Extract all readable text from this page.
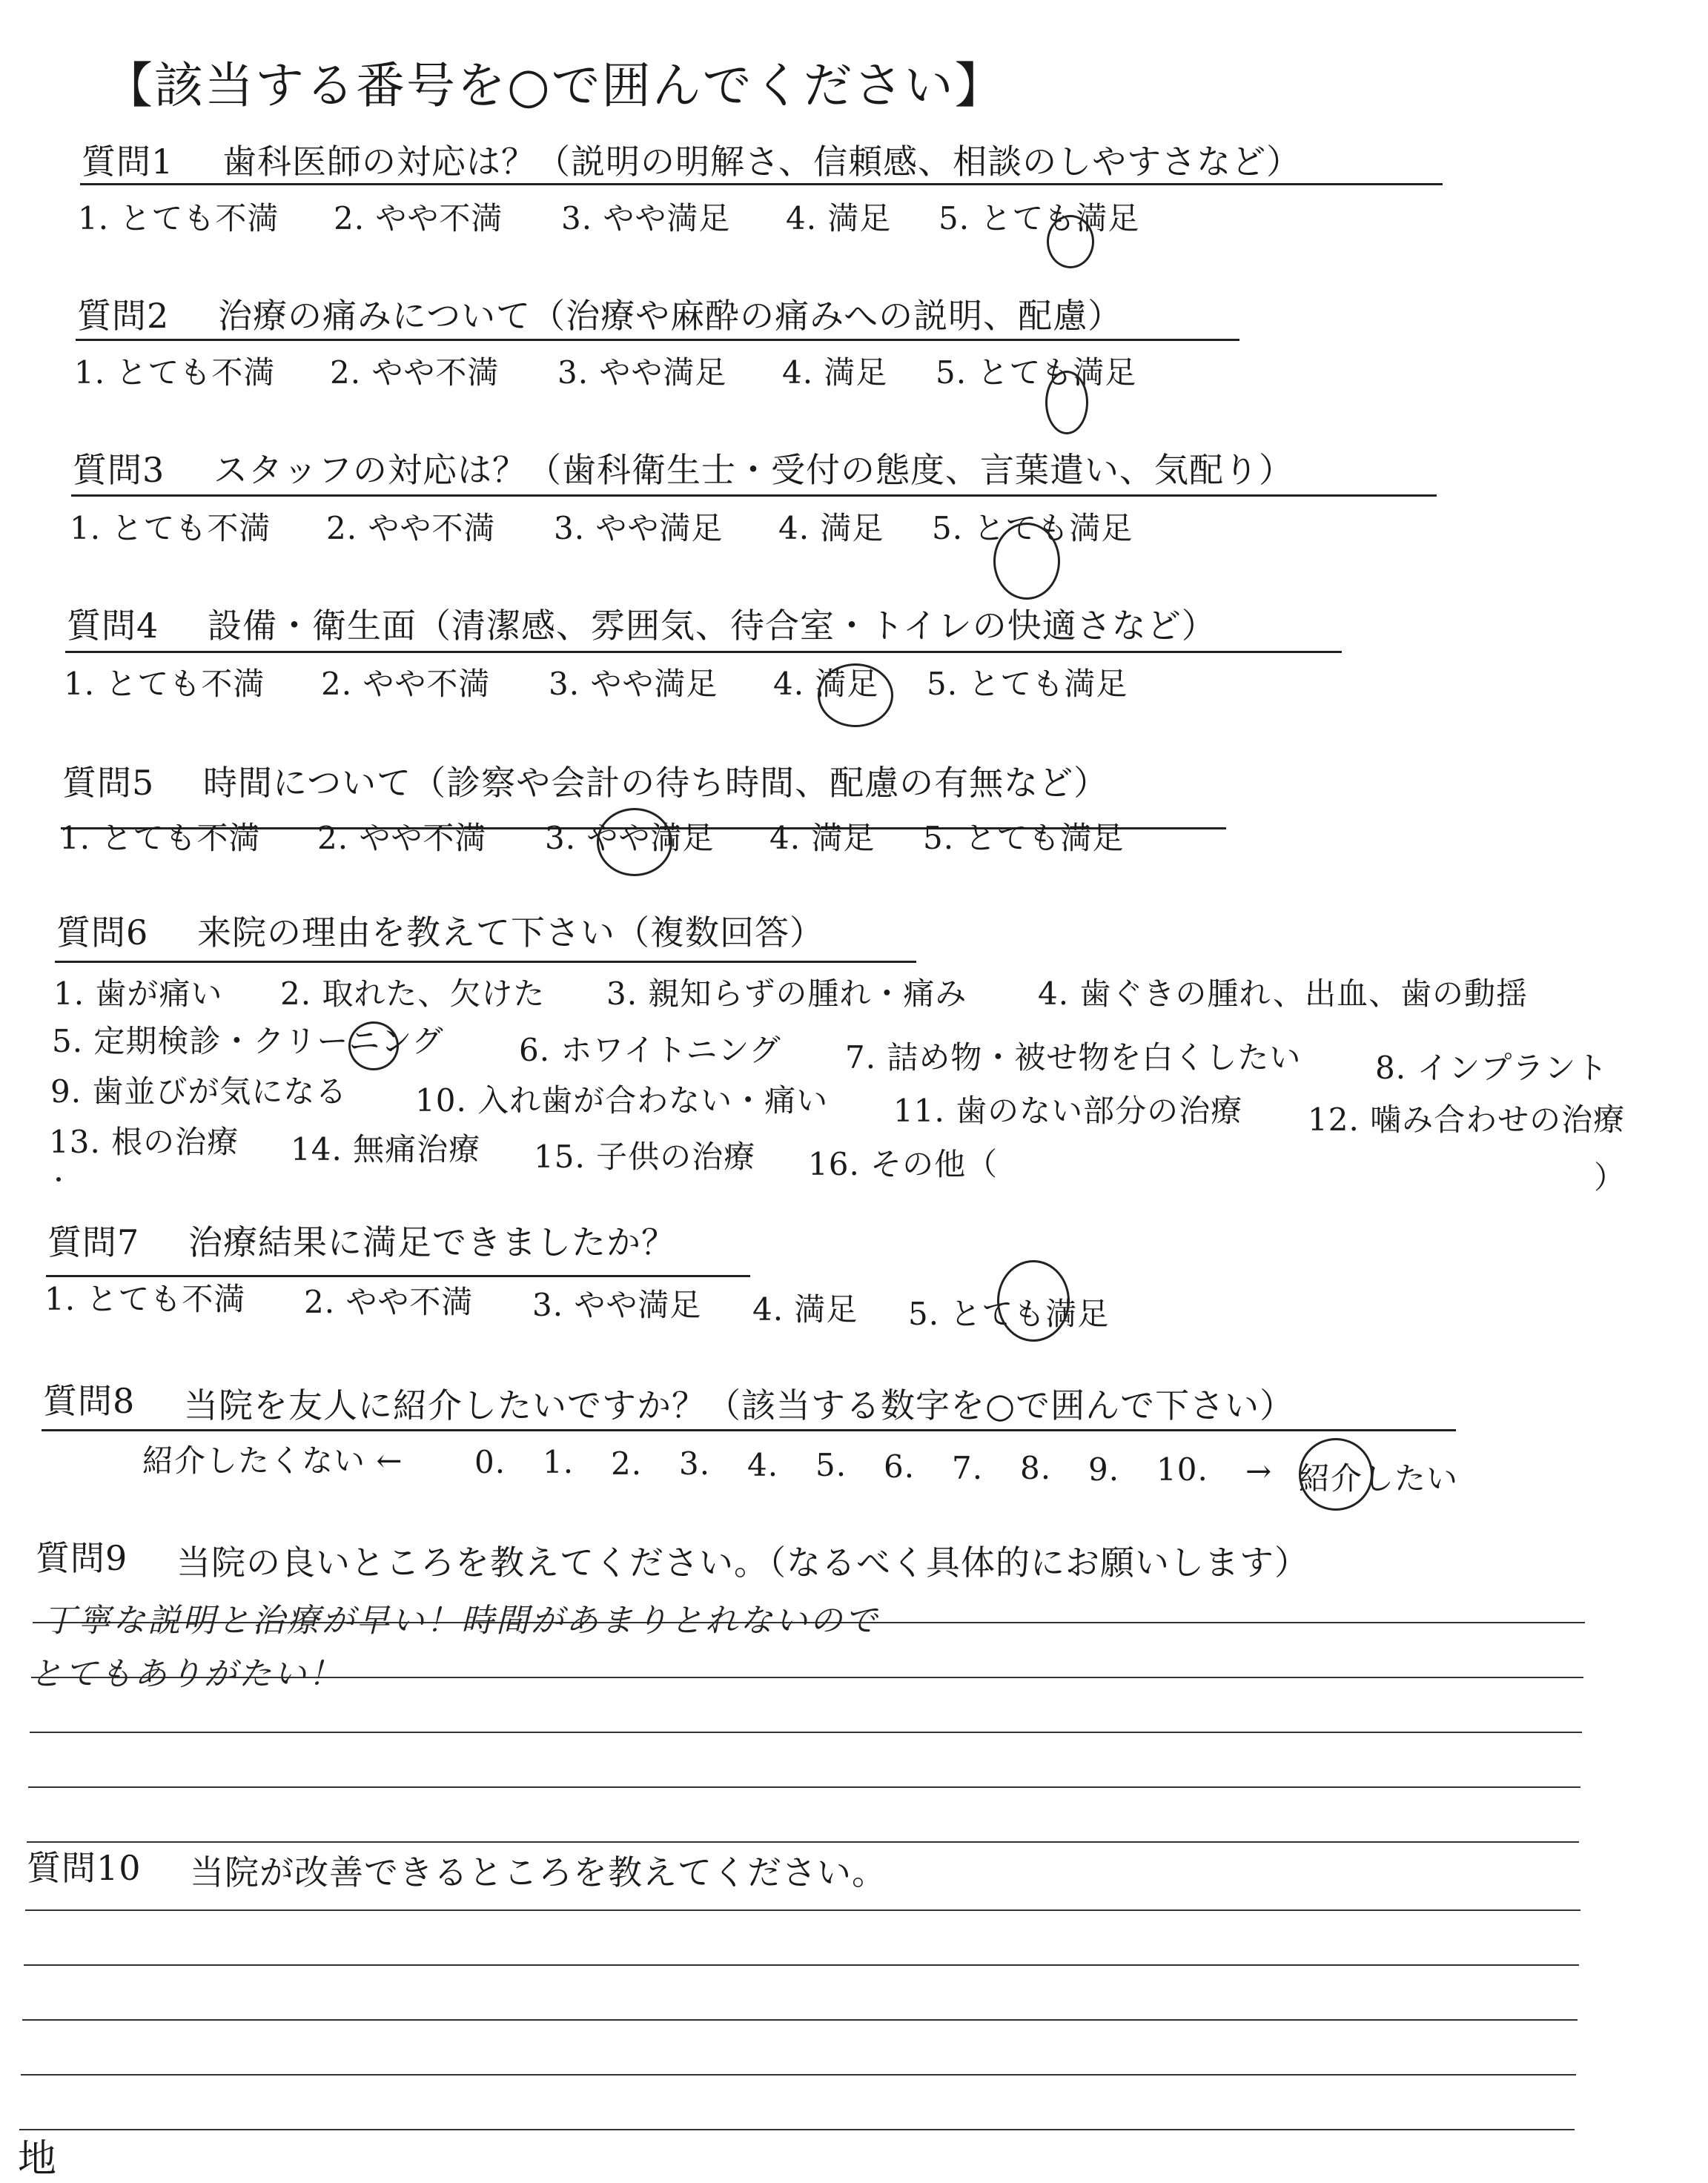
【該当する番号を○で囲んでください】
質問1 歯科医師の対応は？（説明の明解さ、信頼感、相談のしやすさなど）
1. とても不満 2. やや不満 3. やや満足 4. 満足 5. とても満足
質問2 治療の痛みについて（治療や麻酔の痛みへの説明、配慮）
1. とても不満 2. やや不満 3. やや満足 4. 満足 5. とても満足
質問3 スタッフの対応は？（歯科衛生士・受付の態度、言葉遣い、気配り）
1. とても不満 2. やや不満 3. やや満足 4. 満足 5. とても満足
質問4 設備・衛生面（清潔感、雰囲気、待合室・トイレの快適さなど）
1. とても不満 2. やや不満 3. やや満足 4. 満足 5. とても満足
質問5 時間について（診察や会計の待ち時間、配慮の有無など）
1. とても不満 2. やや不満 3. やや満足 4. 満足 5. とても満足
質問6 来院の理由を教えて下さい（複数回答）
1. 歯が痛い 2. 取れた、欠けた 3. 親知らずの腫れ・痛み 4. 歯ぐきの腫れ、出血、歯の動揺
5. 定期検診・クリーニング 6. ホワイトニング 7. 詰め物・被せ物を白くしたい 8. インプラント
9. 歯並びが気になる 10. 入れ歯が合わない・痛い 11. 歯のない部分の治療 12. 噛み合わせの治療
13. 根の治療 14. 無痛治療 15. 子供の治療 16. その他（	）
質問7 治療結果に満足できましたか？
1. とても不満 2. やや不満 3. やや満足 4. 満足 5. とても満足
質問8 当院を友人に紹介したいですか？（該当する数字を○で囲んで下さい）
紹介したくない ← 0. 1. 2. 3. 4. 5. 6. 7. 8. 9. 10. → 紹介したい
質問9 当院の良いところを教えてください。（なるべく具体的にお願いします）
丁寧な説明と治療が早い！時間があまりとれないので
とてもありがたい！
質問10 当院が改善できるところを教えてください。
地
